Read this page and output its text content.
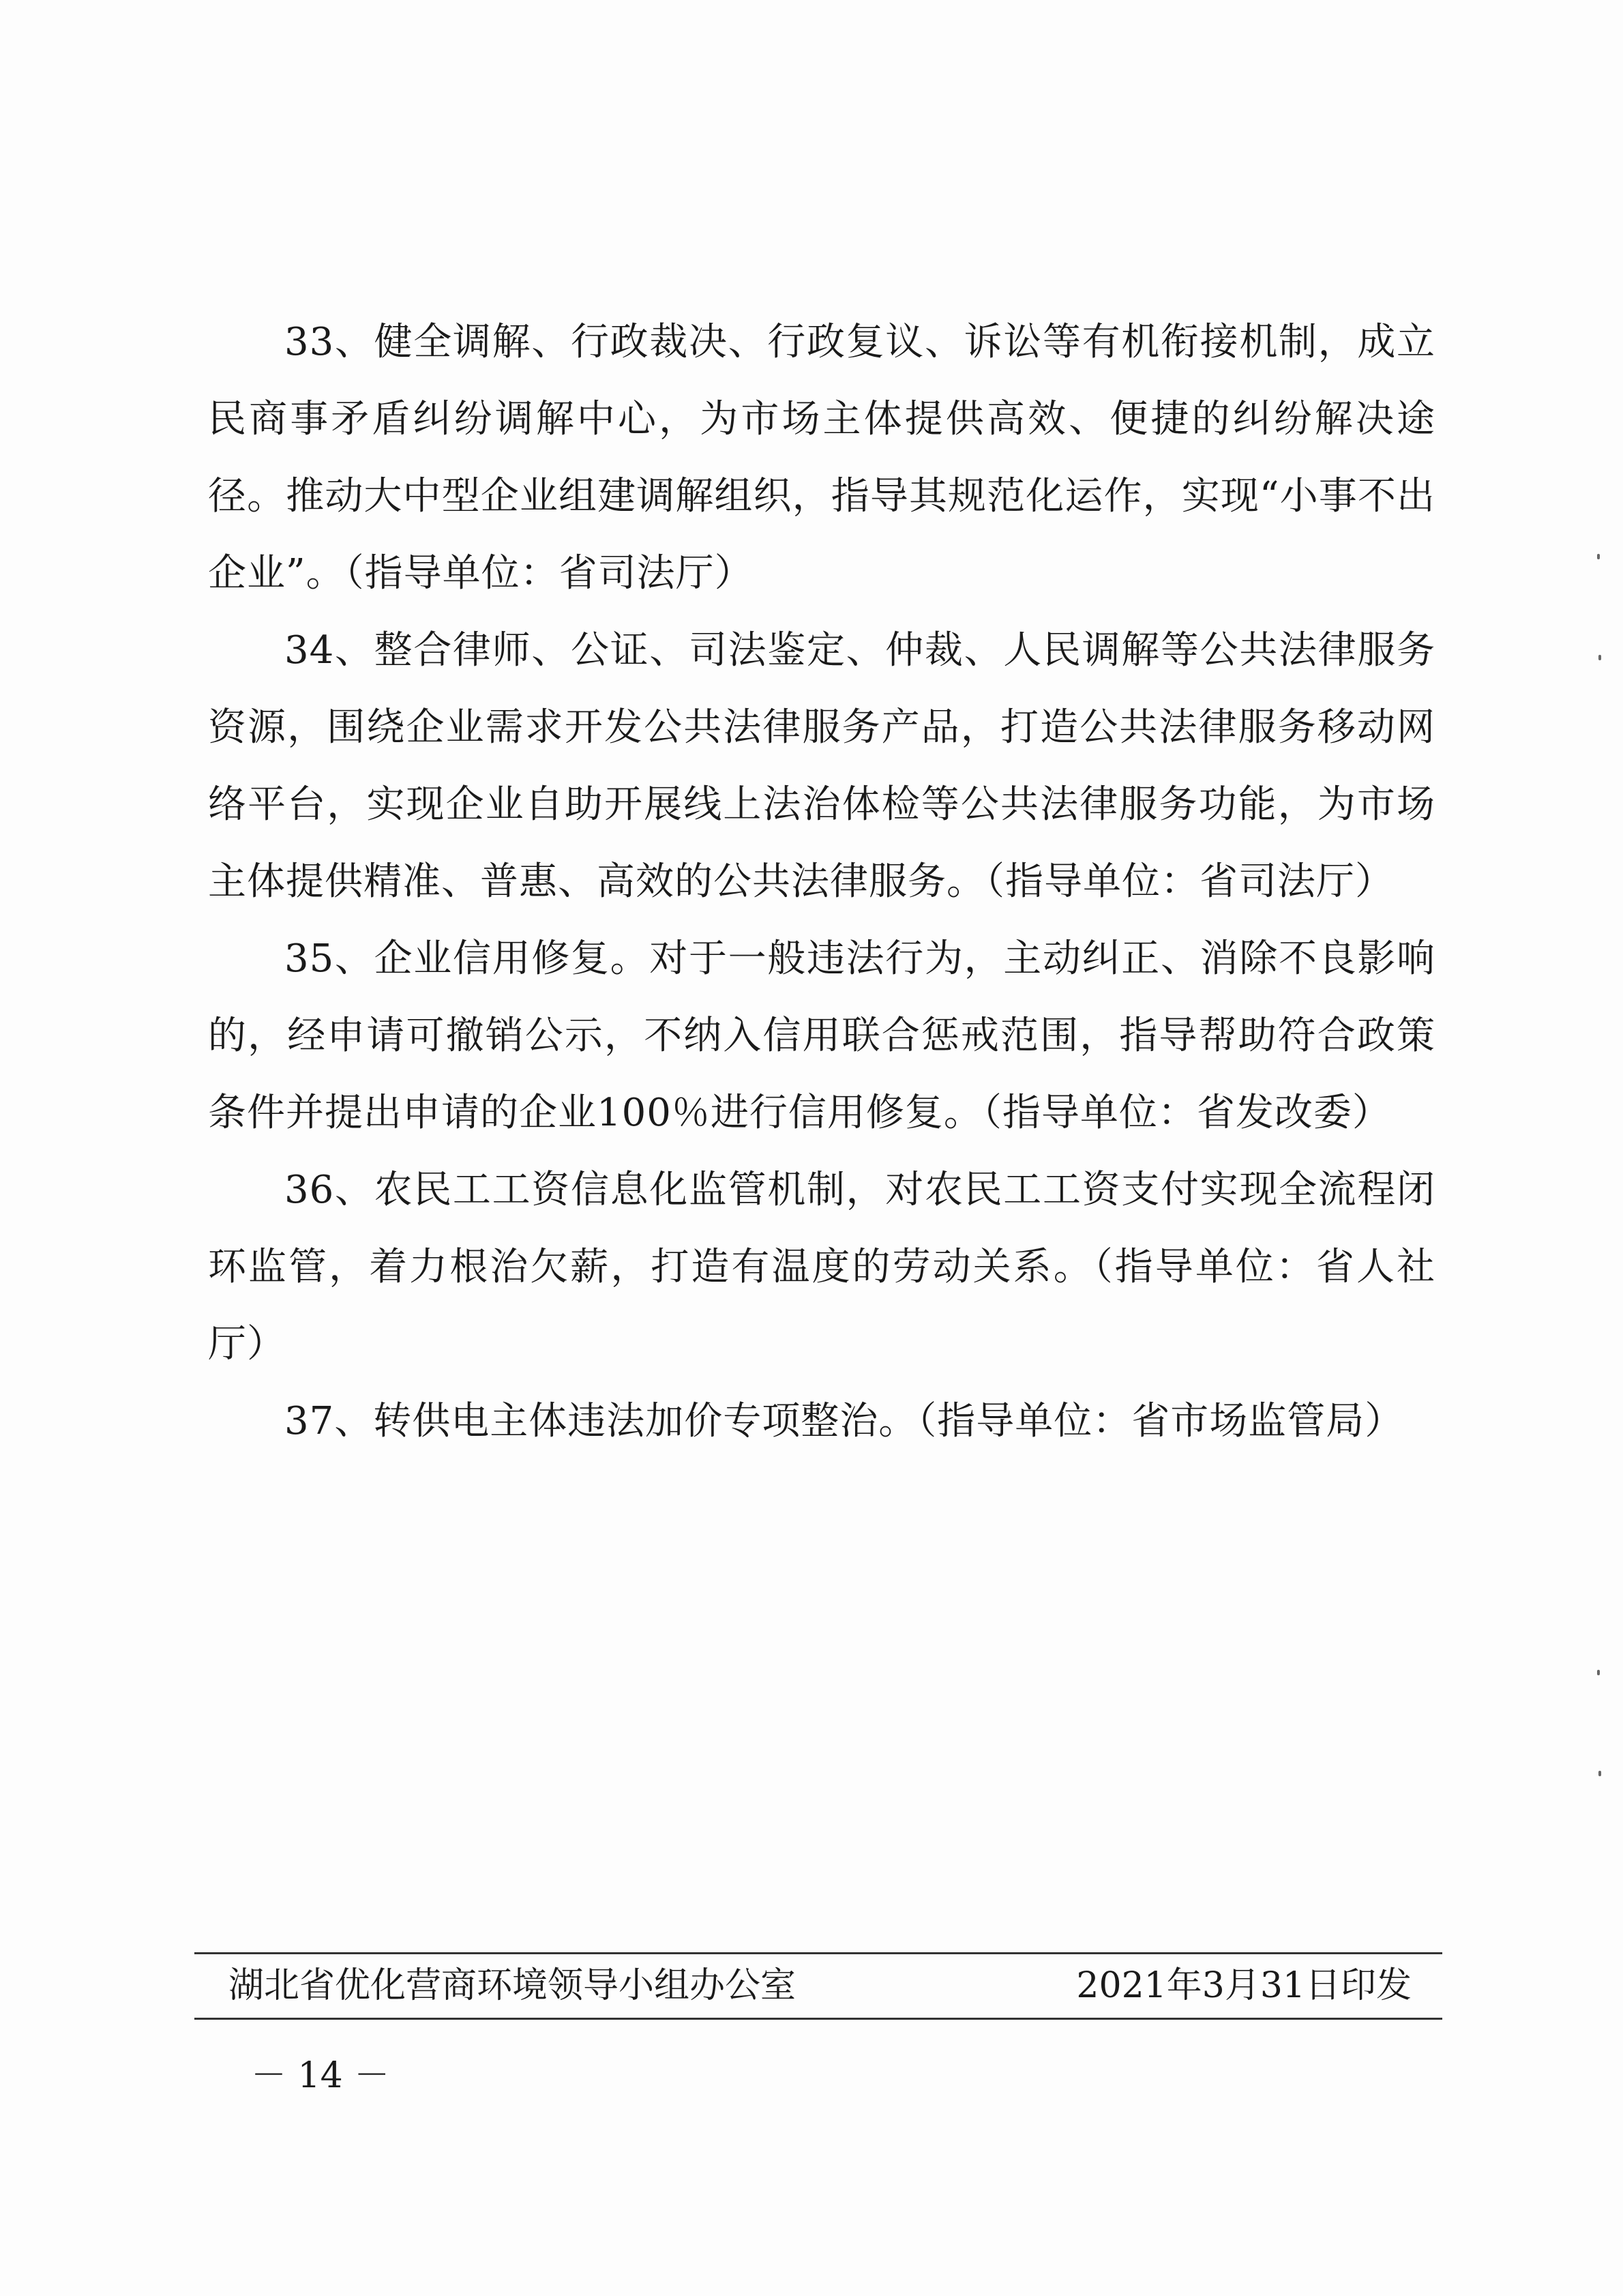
33、健全调解、行政裁决、行政复议、诉讼等有机衔接机制，成立民商事矛盾纠纷调解中心，为市场主体提供高效、便捷的纠纷解决途径。推动大中型企业组建调解组织，指导其规范化运作，实现“小事不出企业”。（指导单位：省司法厅）

34、整合律师、公证、司法鉴定、仲裁、人民调解等公共法律服务资源，围绕企业需求开发公共法律服务产品，打造公共法律服务移动网络平台，实现企业自助开展线上法治体检等公共法律服务功能，为市场主体提供精准、普惠、高效的公共法律服务。（指导单位：省司法厅）

35、企业信用修复。对于一般违法行为，主动纠正、消除不良影响的，经申请可撤销公示，不纳入信用联合惩戒范围，指导帮助符合政策条件并提出申请的企业100％进行信用修复。（指导单位：省发改委）

36、农民工工资信息化监管机制，对农民工工资支付实现全流程闭环监管，着力根治欠薪，打造有温度的劳动关系。（指导单位：省人社厅）

37、转供电主体违法加价专项整治。（指导单位：省市场监管局）

湖北省优化营商环境领导小组办公室	2021年3月31日印发
－ 14 －
